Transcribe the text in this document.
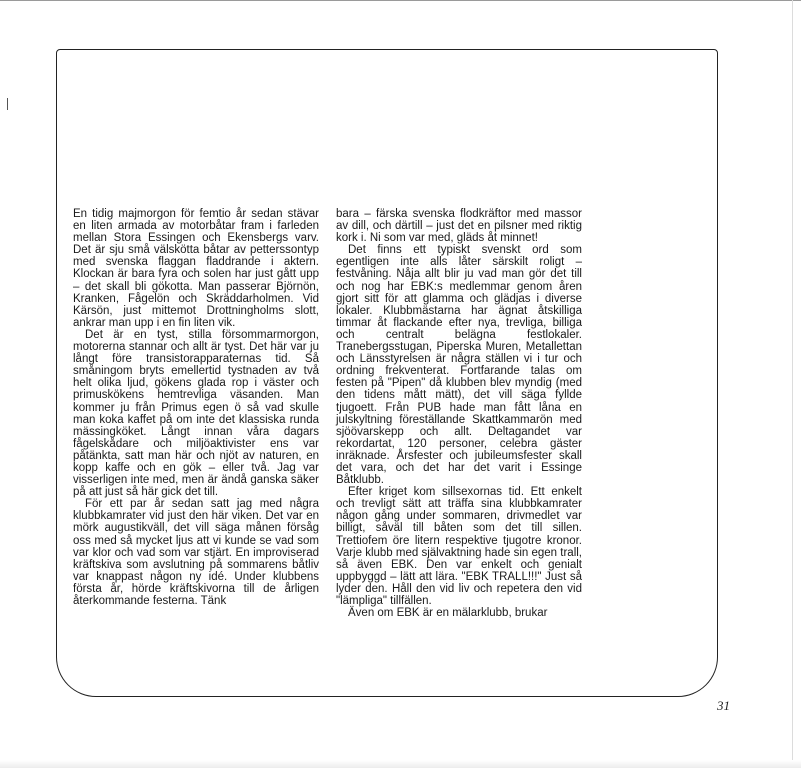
En tidig majmorgon för femtio år sedan stävar en liten armada av motorbåtar fram i farleden mellan Stora Essingen och Ekensbergs varv. Det är sju små välskötta båtar av petterssontyp med svenska flaggan fladdrande i aktern. Klockan är bara fyra och solen har just gått upp – det skall bli gökotta. Man passerar Björnön, Kranken, Fågelön och Skräddarholmen. Vid Kärsön, just mittemot Drottningholms slott, ankrar man upp i en fin liten vik.

Det är en tyst, stilla försommarmorgon, motorerna stannar och allt är tyst. Det här var ju långt före transistorapparaternas tid. Så småningom bryts emellertid tystnaden av två helt olika ljud, gökens glada rop i väster och primuskökens hemtrevliga väsanden. Man kommer ju från Primus egen ö så vad skulle man koka kaffet på om inte det klassiska runda mässingköket. Långt innan våra dagars fågelskådare och miljöaktivister ens var påtänkta, satt man här och njöt av naturen, en kopp kaffe och en gök – eller två. Jag var visserligen inte med, men är ändå ganska säker på att just så här gick det till.

För ett par år sedan satt jag med några klubbkamrater vid just den här viken. Det var en mörk augustikväll, det vill säga månen försåg oss med så mycket ljus att vi kunde se vad som var klor och vad som var stjärt. En improviserad kräftskiva som avslutning på sommarens båtliv var knappast någon ny idé. Under klubbens första år, hörde kräftskivorna till de årligen återkommande festerna. Tänk

bara – färska svenska flodkräftor med massor av dill, och därtill – just det en pilsner med riktig kork i. Ni som var med, gläds åt minnet!

Det finns ett typiskt svenskt ord som egentligen inte alls låter särskilt roligt – festvåning. Nåja allt blir ju vad man gör det till och nog har EBK:s medlemmar genom åren gjort sitt för att glamma och glädjas i diverse lokaler. Klubbmästarna har ägnat åtskilliga timmar åt flackande efter nya, trevliga, billiga och centralt belägna festlokaler. Tranebergsstugan, Piperska Muren, Metallettan och Länsstyrelsen är några ställen vi i tur och ordning frekventerat. Fortfarande talas om festen på "Pipen" då klubben blev myndig (med den tidens mått mätt), det vill säga fyllde tjugoett. Från PUB hade man fått låna en julskyltning föreställande Skattkammarön med sjöövarskepp och allt. Deltagandet var rekordartat, 120 personer, celebra gäster inräknade. Årsfester och jubileumsfester skall det vara, och det har det varit i Essinge Båtklubb.

Efter kriget kom sillsexornas tid. Ett enkelt och trevligt sätt att träffa sina klubbkamrater någon gång under sommaren, drivmedlet var billigt, såväl till båten som det till sillen. Trettiofem öre litern respektive tjugotre kronor. Varje klubb med självaktning hade sin egen trall, så även EBK. Den var enkelt och genialt uppbyggd – lätt att lära. "EBK TRALL!!!" Just så lyder den. Håll den vid liv och repetera den vid "lämpliga" tillfällen.

Även om EBK är en mälarklubb, brukar

31
